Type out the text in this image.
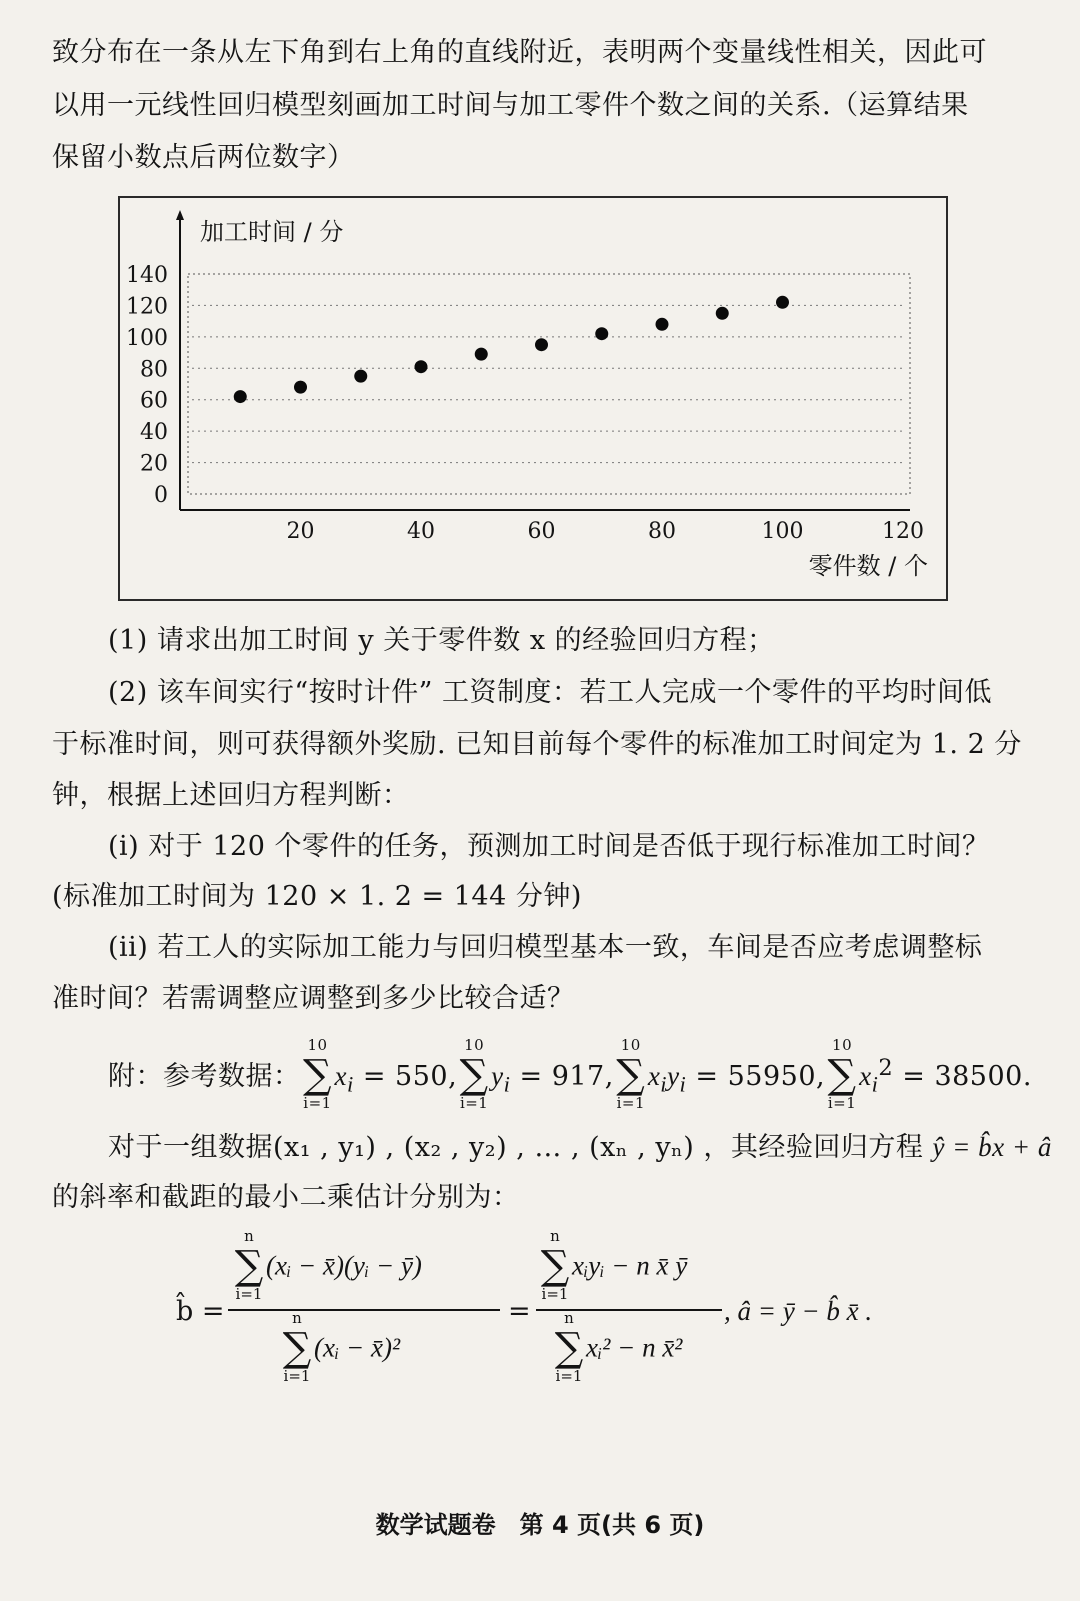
致分布在一条从左下角到右上角的直线附近，表明两个变量线性相关，因此可
以用一元线性回归模型刻画加工时间与加工零件个数之间的关系.（运算结果
保留小数点后两位数字）
0
20
40
60
80
100
120
140
20	40	60	80	100	120
加工时间 / 分
零件数 / 个
(1) 请求出加工时间 y 关于零件数 x 的经验回归方程；
(2) 该车间实行“按时计件” 工资制度：若工人完成一个零件的平均时间低
于标准时间，则可获得额外奖励. 已知目前每个零件的标准加工时间定为 1. 2 分
钟，根据上述回归方程判断：
(i) 对于 120 个零件的任务，预测加工时间是否低于现行标准加工时间？
(标准加工时间为 120 × 1. 2 = 144 分钟)
(ii) 若工人的实际加工能力与回归模型基本一致，车间是否应考虑调整标
准时间？若需调整应调整到多少比较合适？
附：参考数据：
10
∑
i=1
$x_i = 550$,
10
∑
i=1
$y_i = 917$,
10
∑
i=1
$x_iy_i = 55950$,
10
∑
i=1
$x_i^2 = 38500$.
对于一组数据(x₁ , y₁) , (x₂ , y₂) , … , (xₙ , yₙ) ，其经验回归方程 ŷ = b̂x + â
的斜率和截距的最小二乘估计分别为：
b̂ =
n
∑
i=1
(xᵢ − x̄)(yᵢ − ȳ)
n
∑
i=1
(xᵢ − x̄)²
=
n
∑
i=1
xᵢyᵢ − n x̄ ȳ
n
∑
i=1
xᵢ² − n x̄²
, â = ȳ − b̂ x̄ .
数学试题卷　第 4 页(共 6 页)
